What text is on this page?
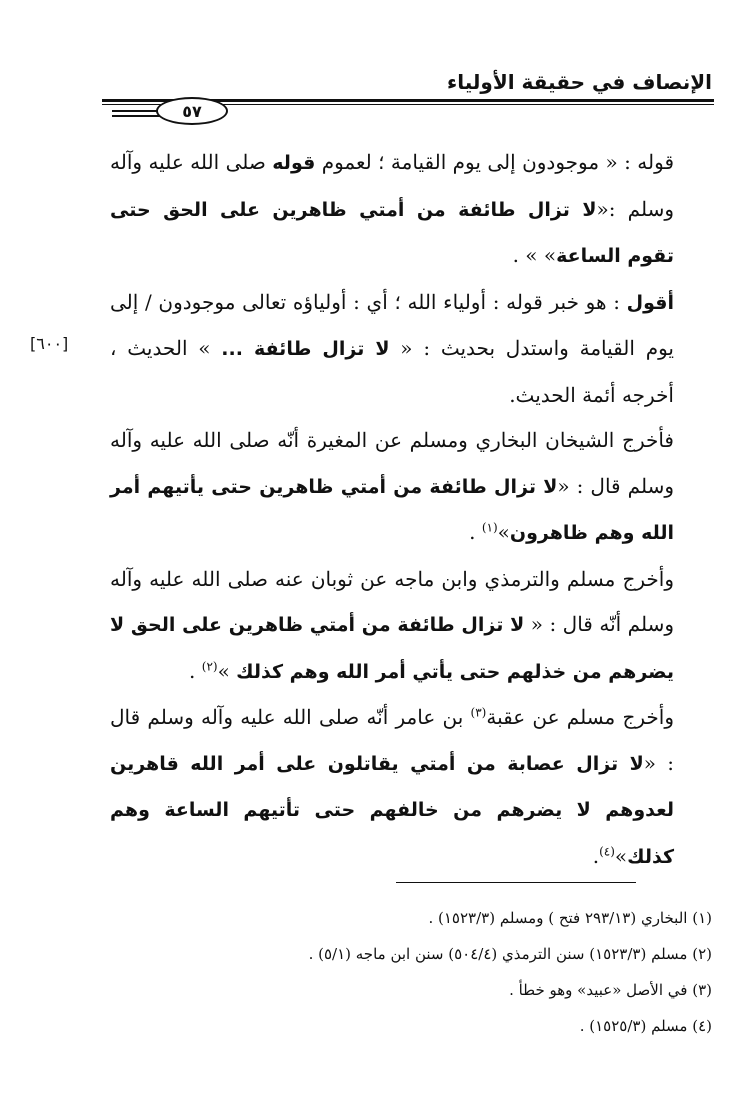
الإنصاف في حقيقة الأولياء
٥٧
[٦٠٠]

قوله : « موجودون إلى يوم القيامة ؛ لعموم قوله صلى الله عليه وآله وسلم :«لا تزال طائفة من أمتي ظاهرين على الحق حتى تقوم الساعة» » .

أقول : هو خبر قوله : أولياء الله ؛ أي : أولياؤه تعالى موجودون / إلى يوم القيامة واستدل بحديث : « لا تزال طائفة ... » الحديث ، أخرجه أئمة الحديث.

فأخرج الشيخان البخاري ومسلم عن المغيرة أنّه صلى الله عليه وآله وسلم قال : «لا تزال طائفة من أمتي ظاهرين حتى يأتيهم أمر الله وهم ظاهرون»$^{(١)}$ .

وأخرج مسلم والترمذي وابن ماجه عن ثوبان عنه صلى الله عليه وآله وسلم أنّه قال : « لا تزال طائفة من أمتي ظاهرين على الحق لا يضرهم من خذلهم حتى يأتي أمر الله وهم كذلك »$^{(٢)}$ .

وأخرج مسلم عن عقبة$^{(٣)}$ بن عامر أنّه صلى الله عليه وآله وسلم قال : «لا تزال عصابة من أمتي يقاتلون على أمر الله قاهرين لعدوهم لا يضرهم من خالفهم حتى تأتيهم الساعة وهم كذلك»$^{(٤)}$.

(١) البخاري (٢٩٣/١٣ فتح ) ومسلم (١٥٢٣/٣) .
(٢) مسلم (١٥٢٣/٣) سنن الترمذي (٥٠٤/٤) سنن ابن ماجه (٥/١) .
(٣) في الأصل «عبيد» وهو خطأ .
(٤) مسلم (١٥٢٥/٣) .
